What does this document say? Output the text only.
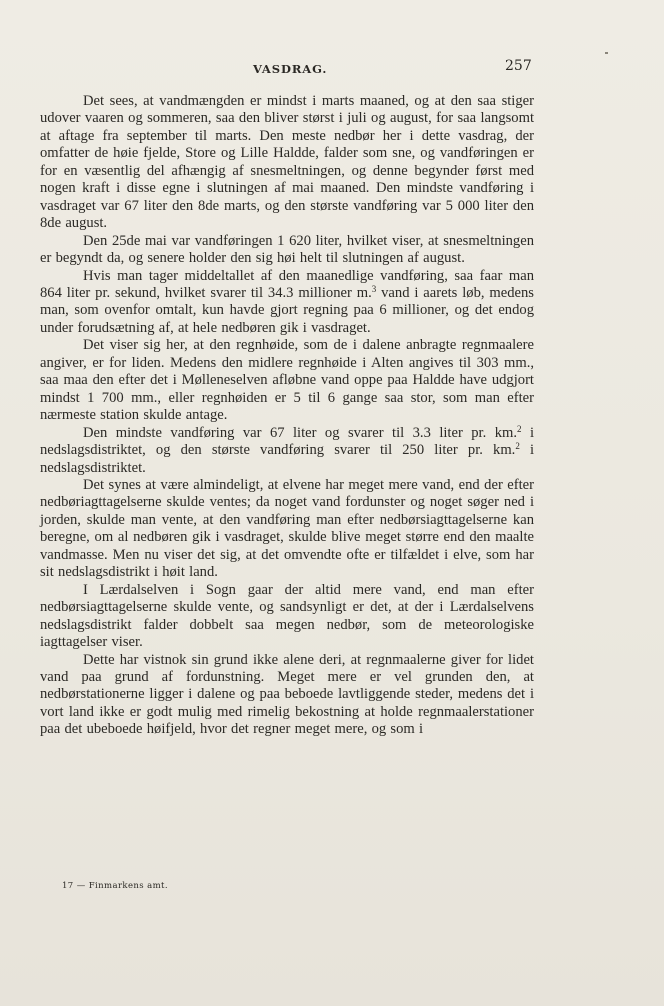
VASDRAG.	257

Det sees, at vandmængden er mindst i marts maaned, og at den saa stiger udover vaaren og sommeren, saa den bliver størst i juli og august, for saa langsomt at aftage fra september til marts. Den meste nedbør her i dette vasdrag, der omfatter de høie fjelde, Store og Lille Haldde, falder som sne, og vandføringen er for en væsentlig del afhængig af snesmeltningen, og denne begynder først med nogen kraft i disse egne i slutningen af mai maaned. Den mindste vandføring i vasdraget var 67 liter den 8de marts, og den største vandføring var 5 000 liter den 8de august.

Den 25de mai var vandføringen 1 620 liter, hvilket viser, at snesmeltningen er begyndt da, og senere holder den sig høi helt til slutningen af august.

Hvis man tager middeltallet af den maanedlige vandføring, saa faar man 864 liter pr. sekund, hvilket svarer til 34.3 millioner m.$^3$ vand i aarets løb, medens man, som ovenfor omtalt, kun havde gjort regning paa 6 millioner, og det endog under forudsætning af, at hele nedbøren gik i vasdraget.

Det viser sig her, at den regnhøide, som de i dalene anbragte regnmaalere angiver, er for liden. Medens den midlere regnhøide i Alten angives til 303 mm., saa maa den efter det i Mølleneselven afløbne vand oppe paa Haldde have udgjort mindst 1 700 mm., eller regnhøiden er 5 til 6 gange saa stor, som man efter nærmeste station skulde antage.

Den mindste vandføring var 67 liter og svarer til 3.3 liter pr. km.$^2$ i nedslagsdistriktet, og den største vandføring svarer til 250 liter pr. km.$^2$ i nedslagsdistriktet.

Det synes at være almindeligt, at elvene har meget mere vand, end der efter nedbøriagttagelserne skulde ventes; da noget vand fordunster og noget søger ned i jorden, skulde man vente, at den vandføring man efter nedbørsiagttagelserne kan beregne, om al nedbøren gik i vasdraget, skulde blive meget større end den maalte vandmasse. Men nu viser det sig, at det omvendte ofte er tilfældet i elve, som har sit nedslagsdistrikt i høit land.

I Lærdalselven i Sogn gaar der altid mere vand, end man efter nedbørsiagttagelserne skulde vente, og sandsynligt er det, at der i Lærdalselvens nedslagsdistrikt falder dobbelt saa megen nedbør, som de meteorologiske iagttagelser viser.

Dette har vistnok sin grund ikke alene deri, at regnmaalerne giver for lidet vand paa grund af fordunstning. Meget mere er vel grunden den, at nedbørstationerne ligger i dalene og paa beboede lavtliggende steder, medens det i vort land ikke er godt mulig med rimelig bekostning at holde regnmaalerstationer paa det ubeboede høifjeld, hvor det regner meget mere, og som i

17 — Finmarkens amt.
